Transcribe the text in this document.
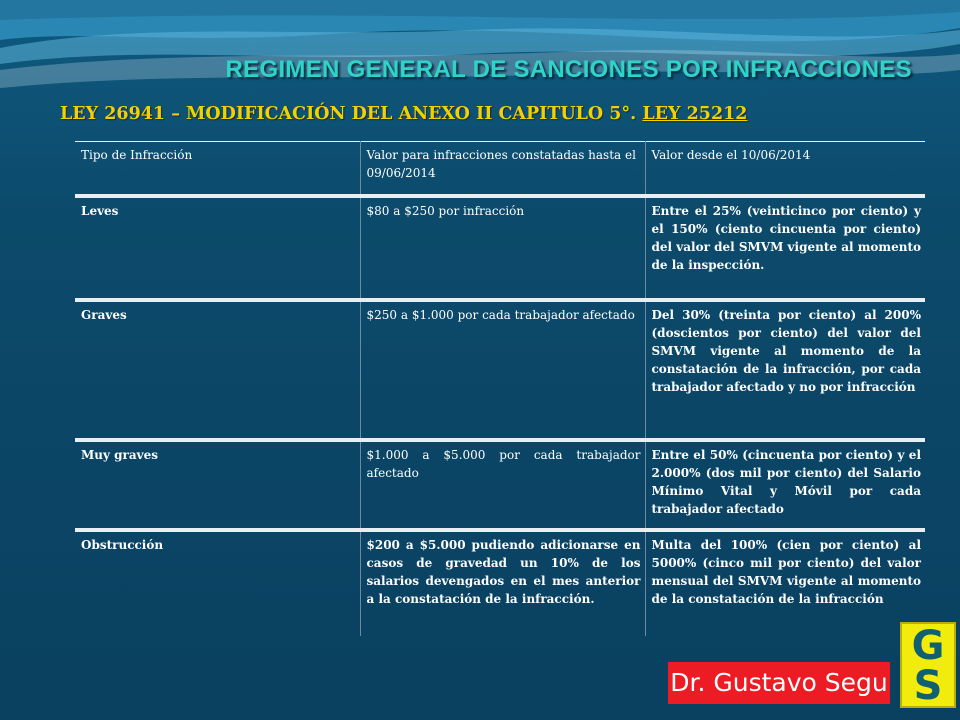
REGIMEN GENERAL DE SANCIONES POR INFRACCIONES
LEY 26941 – MODIFICACIÓN DEL ANEXO II CAPITULO 5°. LEY 25212
Tipo de Infracción	Valor para infracciones constatadas hasta el 09/06/2014	Valor desde el 10/06/2014
Leves	$80 a $250 por infracción	Entre el 25% (veinticinco por ciento) y el 150% (ciento cincuenta por ciento) del valor del SMVM vigente al momento de la inspección.
Graves	$250 a $1.000 por cada trabajador afectado	Del 30% (treinta por ciento) al 200% (doscientos por ciento) del valor del SMVM vigente al momento de la constatación de la infracción, por cada trabajador afectado y no por infracción
Muy graves	$1.000 a $5.000 por cada trabajador afectado	Entre el 50% (cincuenta por ciento) y el 2.000% (dos mil por ciento) del Salario Mínimo Vital y Móvil por cada trabajador afectado
Obstrucción	$200 a $5.000 pudiendo adicionarse en casos de gravedad un 10% de los salarios devengados en el mes anterior a la constatación de la infracción.	Multa del 100% (cien por ciento) al 5000% (cinco mil por ciento) del valor mensual del SMVM vigente al momento de la constatación de la infracción
Dr. Gustavo Segu
G
S
